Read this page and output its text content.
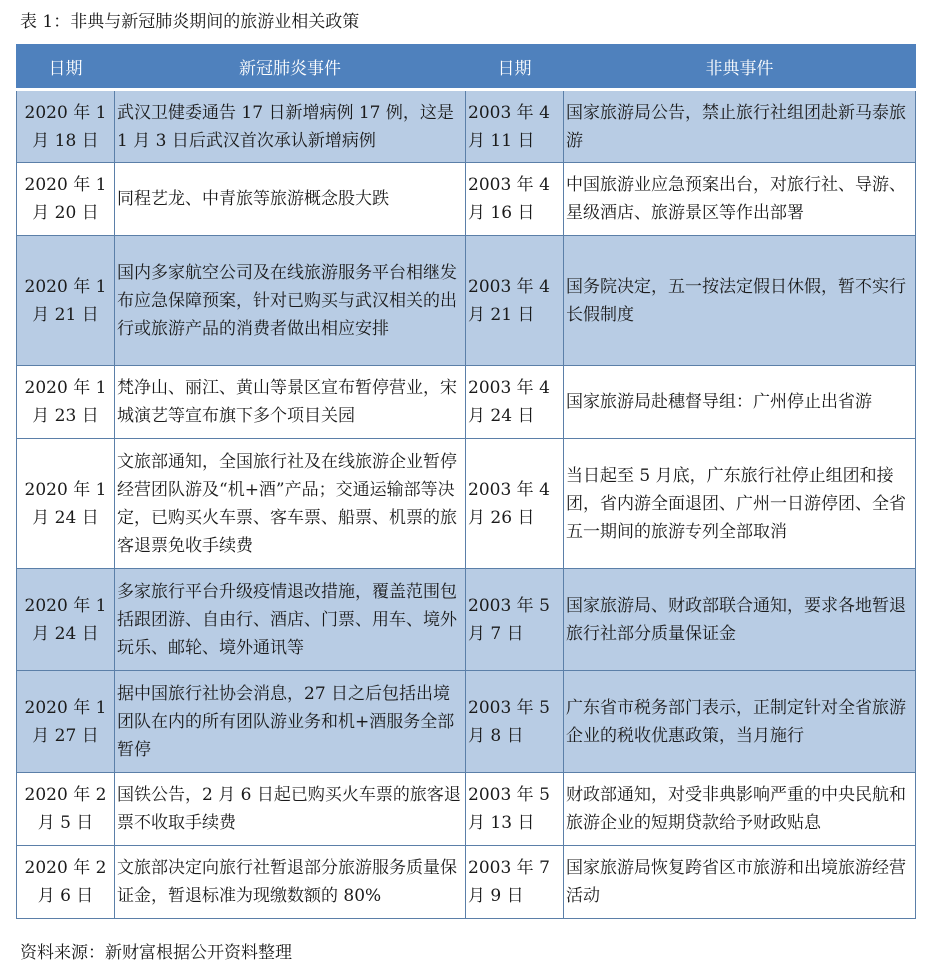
表 1：非典与新冠肺炎期间的旅游业相关政策
日期	新冠肺炎事件	日期	非典事件
2020 年 1 月 18 日	武汉卫健委通告 17 日新增病例 17 例，这是 1 月 3 日后武汉首次承认新增病例	2003 年 4 月 11 日	国家旅游局公告，禁止旅行社组团赴新马泰旅游
2020 年 1 月 20 日	同程艺龙、中青旅等旅游概念股大跌	2003 年 4 月 16 日	中国旅游业应急预案出台，对旅行社、导游、星级酒店、旅游景区等作出部署
2020 年 1 月 21 日	国内多家航空公司及在线旅游服务平台相继发布应急保障预案，针对已购买与武汉相关的出行或旅游产品的消费者做出相应安排	2003 年 4 月 21 日	国务院决定，五一按法定假日休假，暂不实行长假制度
2020 年 1 月 23 日	梵净山、丽江、黄山等景区宣布暂停营业，宋城演艺等宣布旗下多个项目关园	2003 年 4 月 24 日	国家旅游局赴穗督导组：广州停止出省游
2020 年 1 月 24 日	文旅部通知，全国旅行社及在线旅游企业暂停经营团队游及“机+酒”产品；交通运输部等决定，已购买火车票、客车票、船票、机票的旅客退票免收手续费	2003 年 4 月 26 日	当日起至 5 月底，广东旅行社停止组团和接团，省内游全面退团、广州一日游停团、全省五一期间的旅游专列全部取消
2020 年 1 月 24 日	多家旅行平台升级疫情退改措施，覆盖范围包括跟团游、自由行、酒店、门票、用车、境外玩乐、邮轮、境外通讯等	2003 年 5 月 7 日	国家旅游局、财政部联合通知，要求各地暂退旅行社部分质量保证金
2020 年 1 月 27 日	据中国旅行社协会消息，27 日之后包括出境团队在内的所有团队游业务和机+酒服务全部暂停	2003 年 5 月 8 日	广东省市税务部门表示，正制定针对全省旅游企业的税收优惠政策，当月施行
2020 年 2 月 5 日	国铁公告，2 月 6 日起已购买火车票的旅客退票不收取手续费	2003 年 5 月 13 日	财政部通知，对受非典影响严重的中央民航和旅游企业的短期贷款给予财政贴息
2020 年 2 月 6 日	文旅部决定向旅行社暂退部分旅游服务质量保证金，暂退标准为现缴数额的 80%	2003 年 7 月 9 日	国家旅游局恢复跨省区市旅游和出境旅游经营活动
资料来源：新财富根据公开资料整理
